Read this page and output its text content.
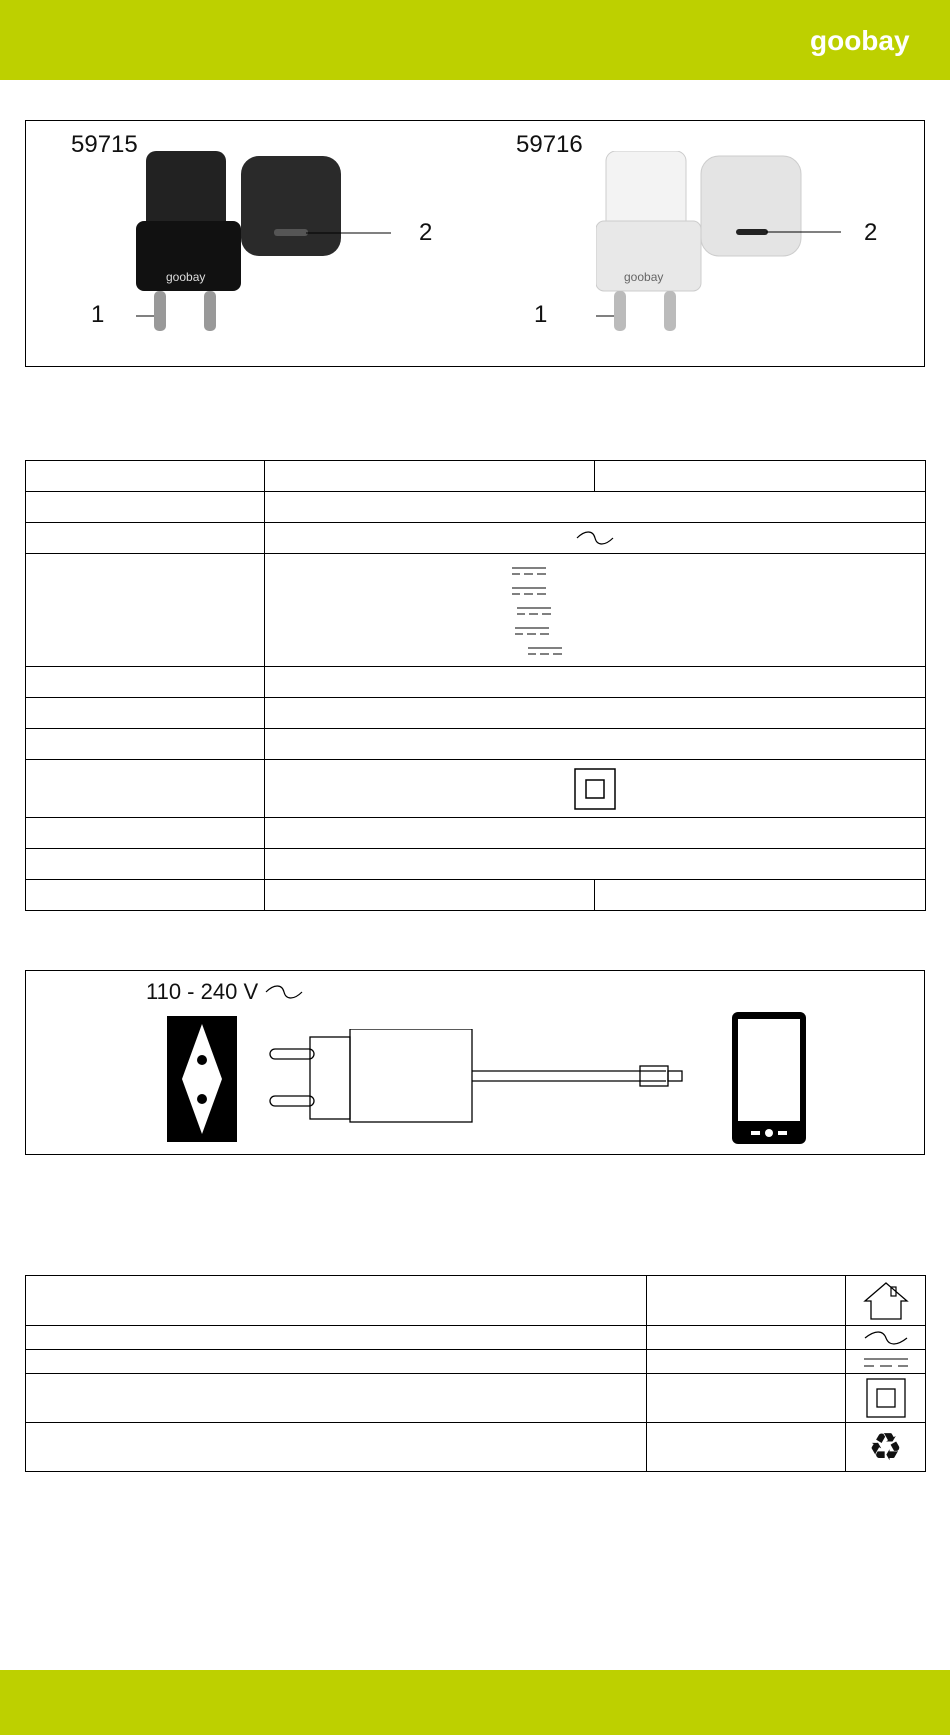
goobay
59715
goobay
1
2
59716
goobay
1
2

110 - 240 V

		♻
